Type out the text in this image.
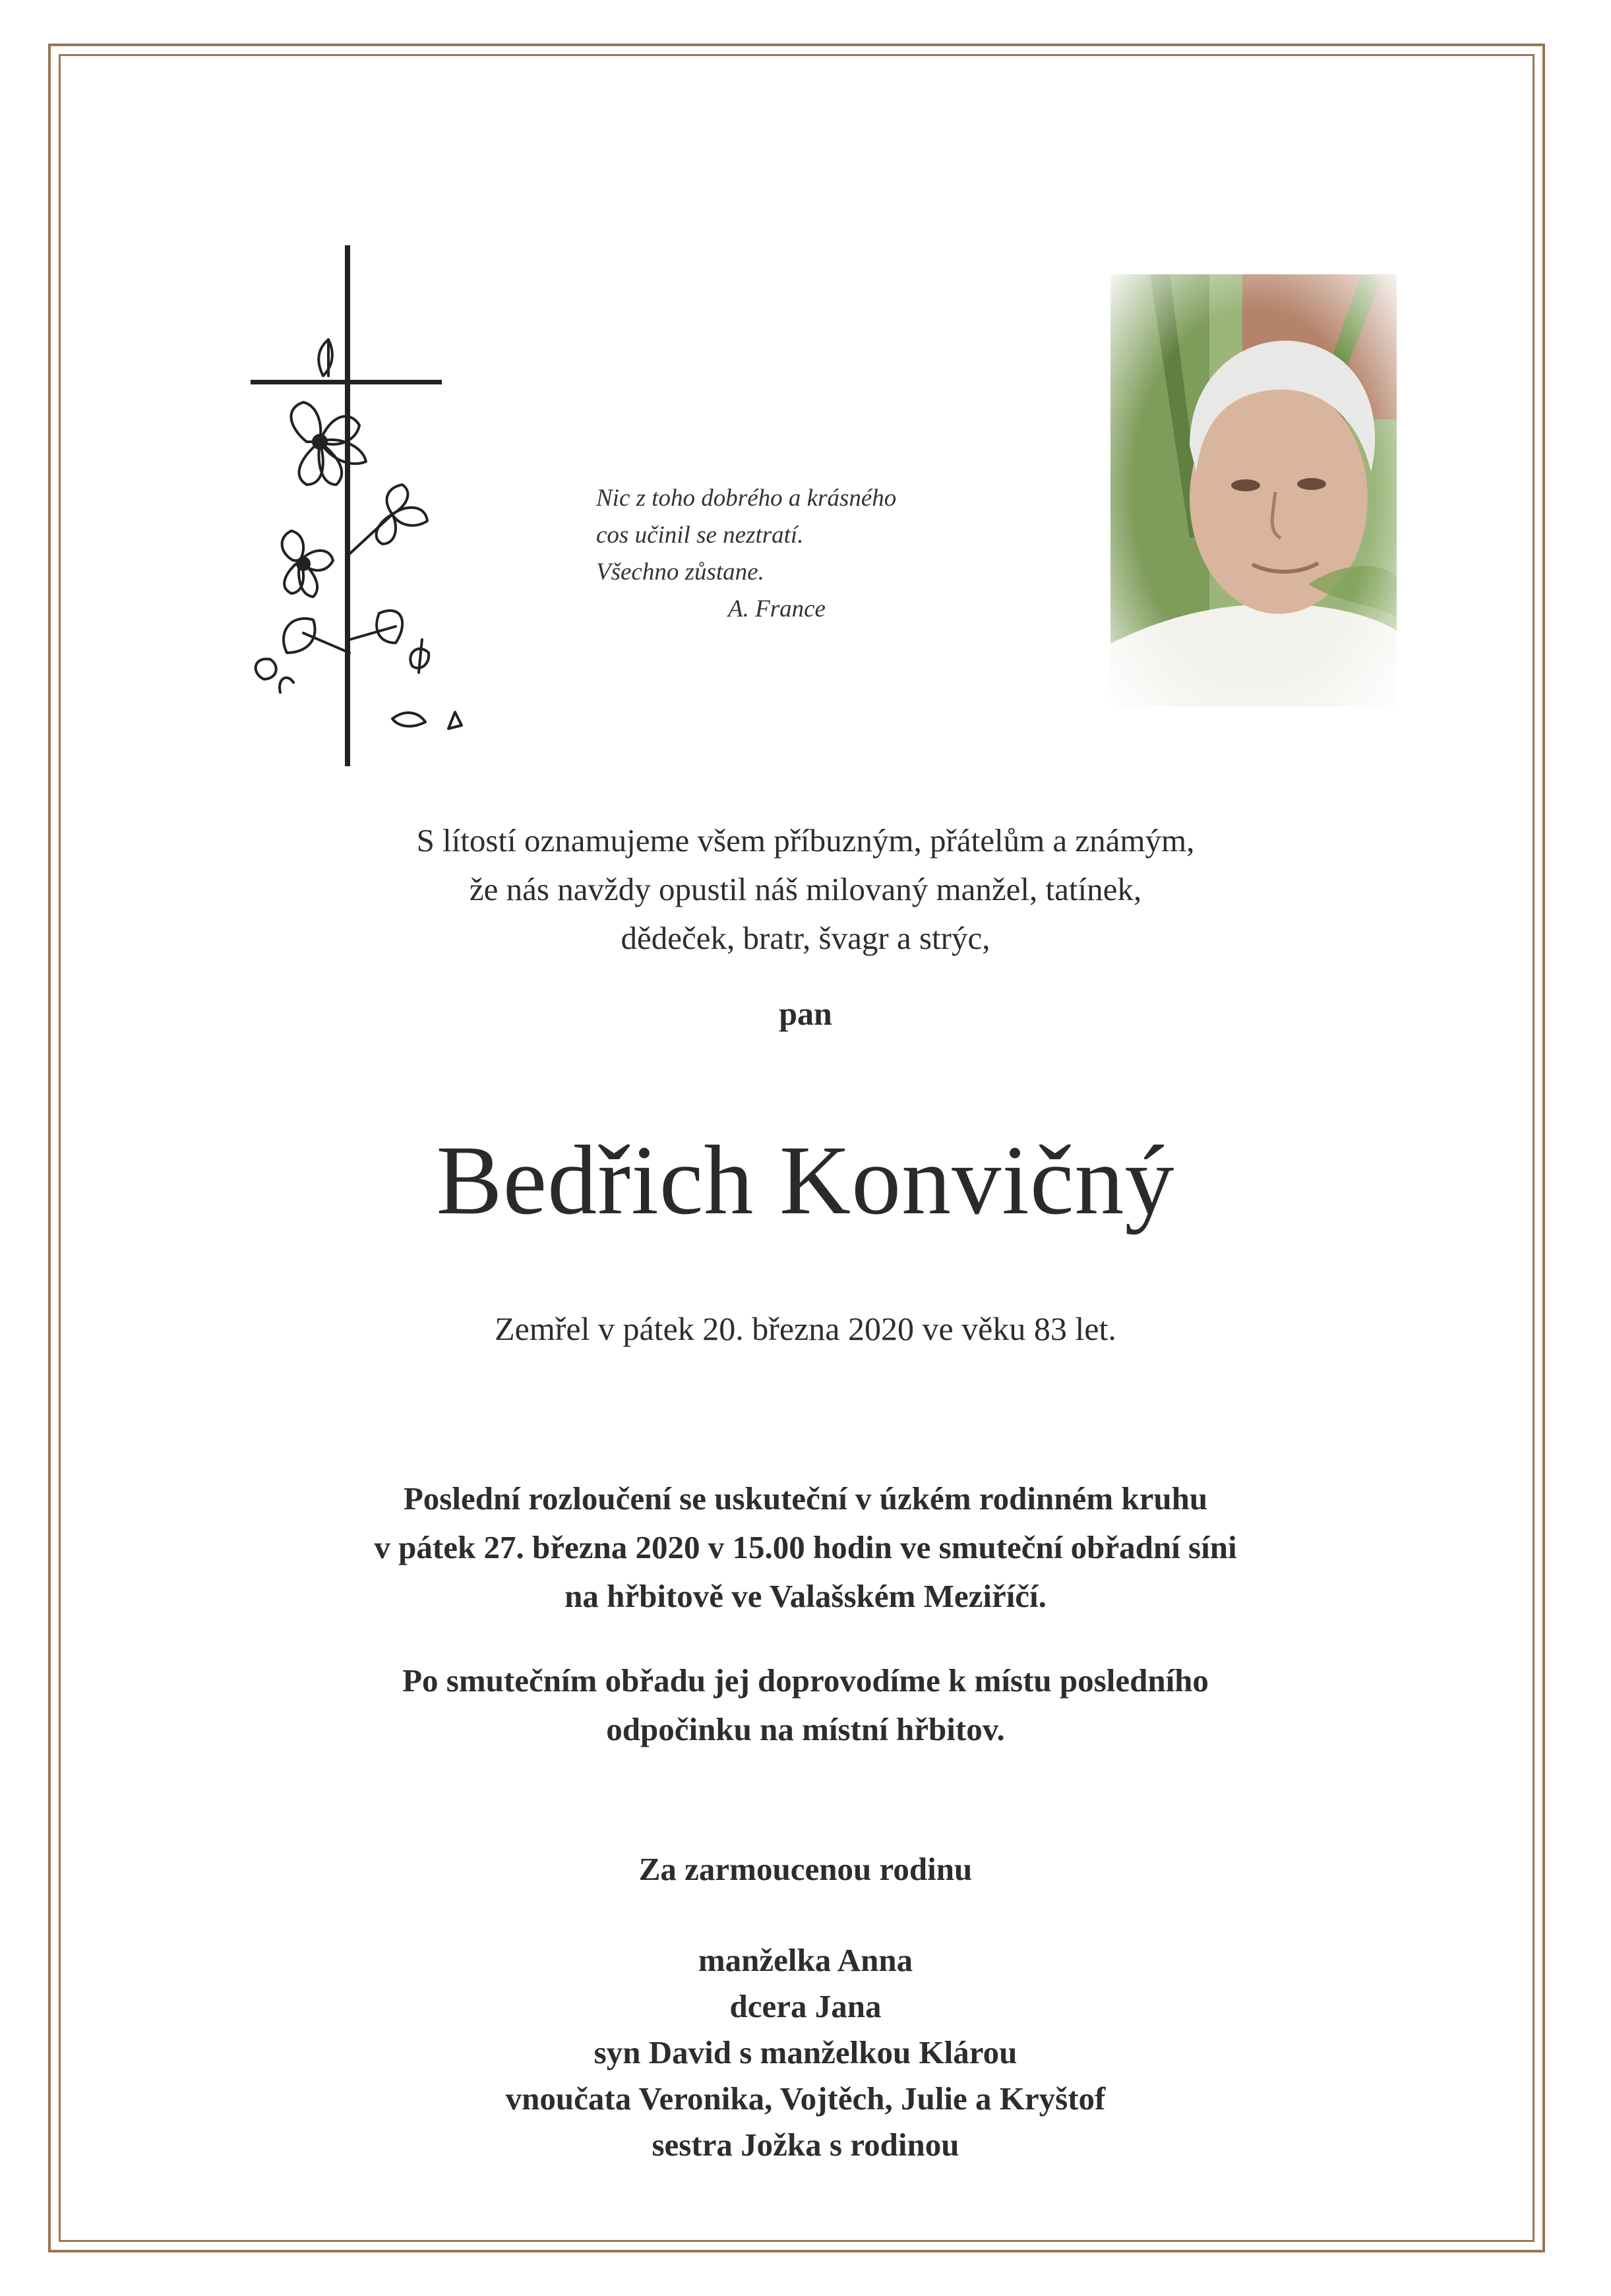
Nic z toho dobrého a krásného
cos učinil se neztratí.
Všechno zůstane.
A. France
S lítostí oznamujeme všem příbuzným, přátelům a známým,
že nás navždy opustil náš milovaný manžel, tatínek,
dědeček, bratr, švagr a strýc,
pan
Bedřich Konvičný
Zemřel v pátek 20. března 2020 ve věku 83 let.
Poslední rozloučení se uskuteční v úzkém rodinném kruhu
v pátek 27. března 2020 v 15.00 hodin ve smuteční obřadní síni
na hřbitově ve Valašském Meziříčí.
Po smutečním obřadu jej doprovodíme k místu posledního
odpočinku na místní hřbitov.
Za zarmoucenou rodinu
manželka Anna
dcera Jana
syn David s manželkou Klárou
vnoučata Veronika, Vojtěch, Julie a Kryštof
sestra Jožka s rodinou
